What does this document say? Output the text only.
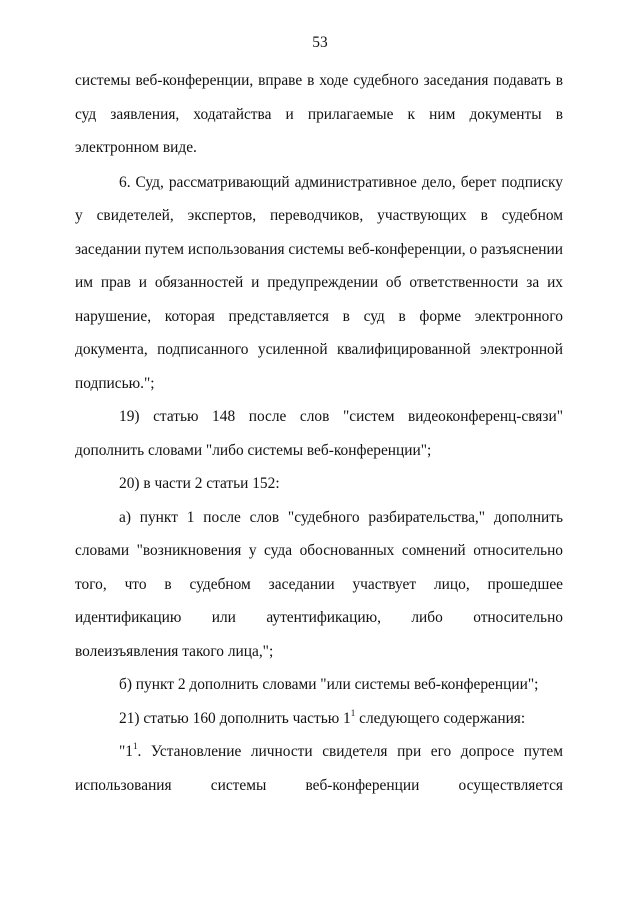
53

системы веб-конференции, вправе в ходе судебного заседания подавать в суд заявления, ходатайства и прилагаемые к ним документы в электронном виде.

6. Суд, рассматривающий административное дело, берет подписку у свидетелей, экспертов, переводчиков, участвующих в судебном заседании путем использования системы веб-конференции, о разъяснении им прав и обязанностей и предупреждении об ответственности за их нарушение, которая представляется в суд в форме электронного документа, подписанного усиленной квалифицированной электронной подписью.";

19) статью 148 после слов "систем видеоконференц-связи" дополнить словами "либо системы веб-конференции";

20) в части 2 статьи 152:

а) пункт 1 после слов "судебного разбирательства," дополнить словами "возникновения у суда обоснованных сомнений относительно того, что в судебном заседании участвует лицо, прошедшее идентификацию или аутентификацию, либо относительно волеизъявления такого лица,";

б) пункт 2 дополнить словами "или системы веб-конференции";

21) статью 160 дополнить частью $1^1$ следующего содержания:

"$1^1$. Установление личности свидетеля при его допросе путем использования системы веб-конференции осуществляется
